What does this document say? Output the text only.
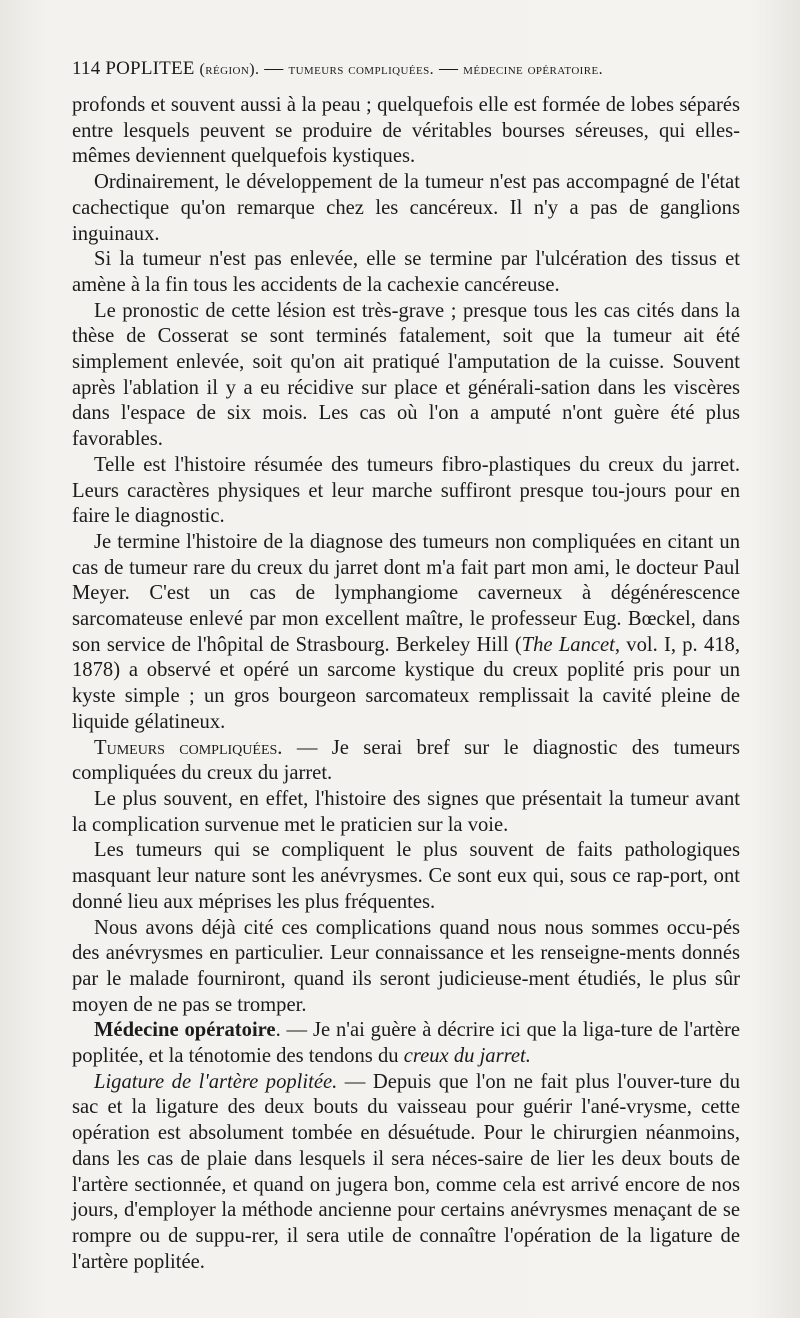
114 POPLITEE (région). — tumeurs compliquées. — médecine opératoire.

profonds et souvent aussi à la peau ; quelquefois elle est formée de lobes séparés entre lesquels peuvent se produire de véritables bourses séreuses, qui elles-mêmes deviennent quelquefois kystiques.

Ordinairement, le développement de la tumeur n'est pas accompagné de l'état cachectique qu'on remarque chez les cancéreux. Il n'y a pas de ganglions inguinaux.

Si la tumeur n'est pas enlevée, elle se termine par l'ulcération des tissus et amène à la fin tous les accidents de la cachexie cancéreuse.

Le pronostic de cette lésion est très-grave ; presque tous les cas cités dans la thèse de Cosserat se sont terminés fatalement, soit que la tumeur ait été simplement enlevée, soit qu'on ait pratiqué l'amputation de la cuisse. Souvent après l'ablation il y a eu récidive sur place et générali-sation dans les viscères dans l'espace de six mois. Les cas où l'on a amputé n'ont guère été plus favorables.

Telle est l'histoire résumée des tumeurs fibro-plastiques du creux du jarret. Leurs caractères physiques et leur marche suffiront presque tou-jours pour en faire le diagnostic.

Je termine l'histoire de la diagnose des tumeurs non compliquées en citant un cas de tumeur rare du creux du jarret dont m'a fait part mon ami, le docteur Paul Meyer. C'est un cas de lymphangiome caverneux à dégénérescence sarcomateuse enlevé par mon excellent maître, le professeur Eug. Bœckel, dans son service de l'hôpital de Strasbourg. Berkeley Hill (The Lancet, vol. I, p. 418, 1878) a observé et opéré un sarcome kystique du creux poplité pris pour un kyste simple ; un gros bourgeon sarcomateux remplissait la cavité pleine de liquide gélatineux.

Tumeurs compliquées. — Je serai bref sur le diagnostic des tumeurs compliquées du creux du jarret.

Le plus souvent, en effet, l'histoire des signes que présentait la tumeur avant la complication survenue met le praticien sur la voie.

Les tumeurs qui se compliquent le plus souvent de faits pathologiques masquant leur nature sont les anévrysmes. Ce sont eux qui, sous ce rap-port, ont donné lieu aux méprises les plus fréquentes.

Nous avons déjà cité ces complications quand nous nous sommes occu-pés des anévrysmes en particulier. Leur connaissance et les renseigne-ments donnés par le malade fourniront, quand ils seront judicieuse-ment étudiés, le plus sûr moyen de ne pas se tromper.

Médecine opératoire. — Je n'ai guère à décrire ici que la liga-ture de l'artère poplitée, et la ténotomie des tendons du creux du jarret.

Ligature de l'artère poplitée. — Depuis que l'on ne fait plus l'ouver-ture du sac et la ligature des deux bouts du vaisseau pour guérir l'ané-vrysme, cette opération est absolument tombée en désuétude. Pour le chirurgien néanmoins, dans les cas de plaie dans lesquels il sera néces-saire de lier les deux bouts de l'artère sectionnée, et quand on jugera bon, comme cela est arrivé encore de nos jours, d'employer la méthode ancienne pour certains anévrysmes menaçant de se rompre ou de suppu-rer, il sera utile de connaître l'opération de la ligature de l'artère poplitée.
